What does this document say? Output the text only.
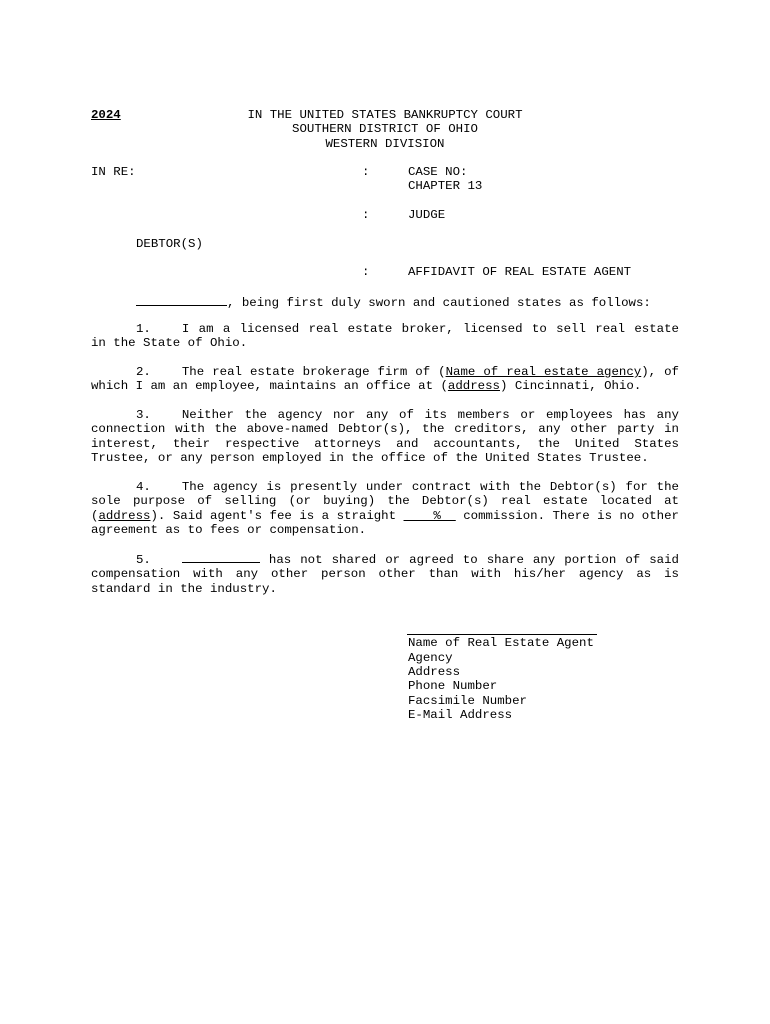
2024	IN THE UNITED STATES BANKRUPTCY COURT
SOUTHERN DISTRICT OF OHIO
WESTERN DIVISION
IN RE:	:	CASE NO:
CHAPTER 13
:	JUDGE
DEBTOR(S)
:	AFFIDAVIT OF REAL ESTATE AGENT
, being first duly sworn and cautioned states as follows:
1.	I am a licensed real estate broker, licensed to sell real estate in the State of Ohio.
2.	The real estate brokerage firm of (Name of real estate agency), of which I am an employee, maintains an office at (address) Cincinnati, Ohio.
3.	Neither the agency nor any of its members or employees has any connection with the above-named Debtor(s), the creditors, any other party in interest, their respective attorneys and accountants, the United States Trustee, or any person employed in the office of the United States Trustee.
4.	The agency is presently under contract with the Debtor(s) for the sole purpose of selling (or buying) the Debtor(s) real estate located at (address). Said agent's fee is a straight     %   commission. There is no other agreement as to fees or compensation.
5.	has not shared or agreed to share any portion of said compensation with any other person other than with his/her agency as is standard in the industry.
Name of Real Estate Agent
Agency
Address
Phone Number
Facsimile Number
E-Mail Address
